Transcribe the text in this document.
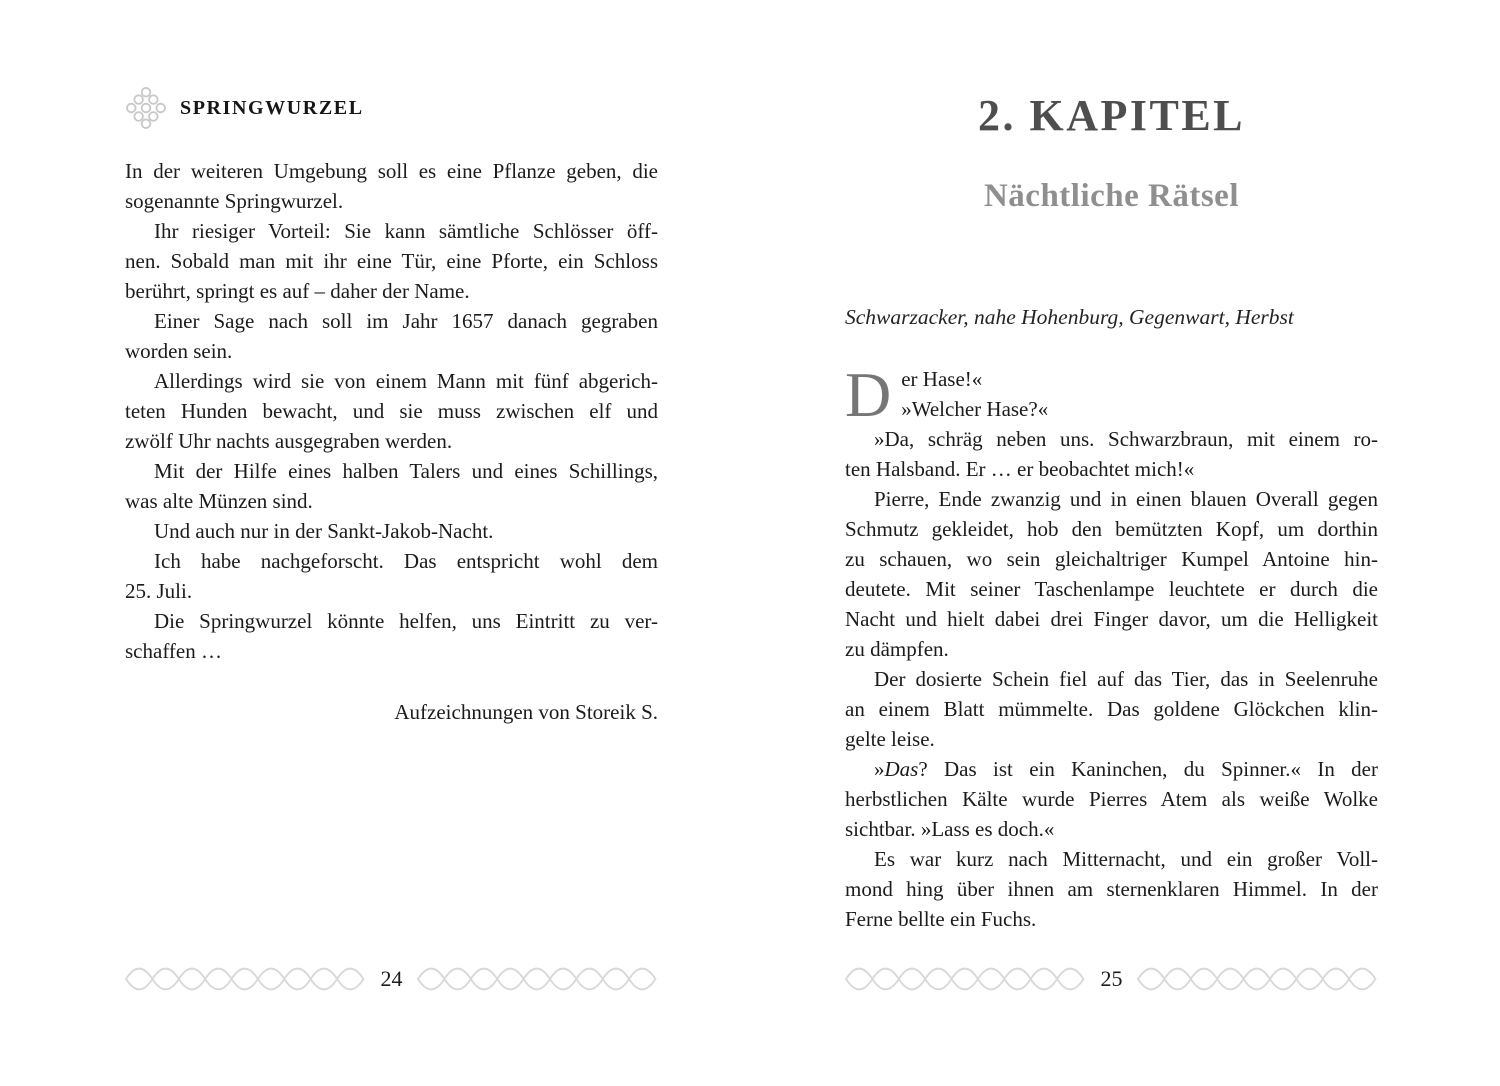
SPRINGWURZEL
In der weiteren Umgebung soll es eine Pflanze geben, die
sogenannte Springwurzel.
Ihr riesiger Vorteil: Sie kann sämtliche Schlösser öff-
nen. Sobald man mit ihr eine Tür, eine Pforte, ein Schloss
berührt, springt es auf – daher der Name.
Einer Sage nach soll im Jahr 1657 danach gegraben
worden sein.
Allerdings wird sie von einem Mann mit fünf abgerich-
teten Hunden bewacht, und sie muss zwischen elf und
zwölf Uhr nachts ausgegraben werden.
Mit der Hilfe eines halben Talers und eines Schillings,
was alte Münzen sind.
Und auch nur in der Sankt-Jakob-Nacht.
Ich habe nachgeforscht. Das entspricht wohl dem
25. Juli.
Die Springwurzel könnte helfen, uns Eintritt zu ver-
schaffen …
Aufzeichnungen von Storeik S.
24
2. KAPITEL
Nächtliche Rätsel
Schwarzacker, nahe Hohenburg, Gegenwart, Herbst
D er Hase!«
»Welcher Hase?«
»Da, schräg neben uns. Schwarzbraun, mit einem ro-
ten Halsband. Er … er beobachtet mich!«
Pierre, Ende zwanzig und in einen blauen Overall gegen
Schmutz gekleidet, hob den bemützten Kopf, um dorthin
zu schauen, wo sein gleichaltriger Kumpel Antoine hin-
deutete. Mit seiner Taschenlampe leuchtete er durch die
Nacht und hielt dabei drei Finger davor, um die Helligkeit
zu dämpfen.
Der dosierte Schein fiel auf das Tier, das in Seelenruhe
an einem Blatt mümmelte. Das goldene Glöckchen klin-
gelte leise.
»Das? Das ist ein Kaninchen, du Spinner.« In der
herbstlichen Kälte wurde Pierres Atem als weiße Wolke
sichtbar. »Lass es doch.«
Es war kurz nach Mitternacht, und ein großer Voll-
mond hing über ihnen am sternenklaren Himmel. In der
Ferne bellte ein Fuchs.
25
